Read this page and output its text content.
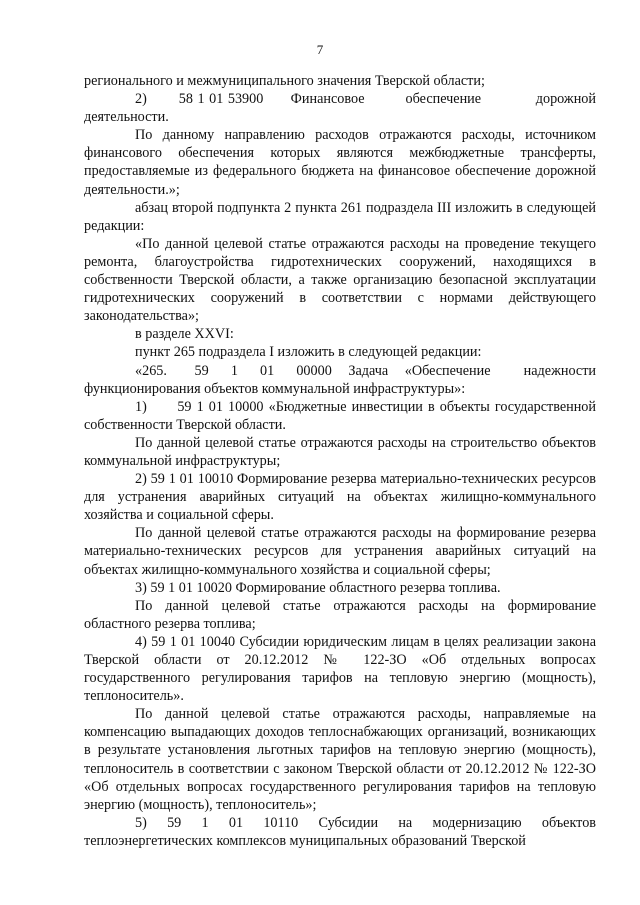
7

регионального и межмуниципального значения Тверской области;

2)       58 1 01 53900      Финансовое         обеспечение            дорожной деятельности.

По данному направлению расходов отражаются расходы, источником финансового обеспечения которых являются межбюджетные трансферты, предоставляемые из федерального бюджета на финансовое обеспечение дорожной деятельности.»;

абзац второй подпункта 2 пункта 261 подраздела III изложить в следующей редакции:

«По данной целевой статье отражаются расходы на проведение текущего ремонта, благоустройства гидротехнических сооружений, находящихся в собственности Тверской области, а также организацию безопасной эксплуатации гидротехнических сооружений в соответствии с нормами действующего законодательства»;

в разделе XXVI:

пункт 265 подраздела I изложить в следующей редакции:

«265.     59    1    01    00000   Задача   «Обеспечение      надежности функционирования объектов коммунальной инфраструктуры»:

1)      59 1 01 10000 «Бюджетные инвестиции в объекты государственной собственности Тверской области.

По данной целевой статье отражаются расходы на строительство объектов коммунальной инфраструктуры;

2) 59 1 01 10010 Формирование резерва материально-технических ресурсов для устранения аварийных ситуаций на объектах жилищно-коммунального хозяйства и социальной сферы.

По данной целевой статье отражаются расходы на формирование резерва материально-технических ресурсов для устранения аварийных ситуаций на объектах жилищно-коммунального хозяйства и социальной сферы;

3) 59 1 01 10020 Формирование областного резерва топлива.

По данной целевой статье отражаются расходы на формирование областного резерва топлива;

4) 59 1 01 10040 Субсидии юридическим лицам в целях реализации закона Тверской области от 20.12.2012 № 122-ЗО «Об отдельных вопросах государственного регулирования тарифов на тепловую энергию (мощность), теплоноситель».

По данной целевой статье отражаются расходы, направляемые на компенсацию выпадающих доходов теплоснабжающих организаций, возникающих в результате установления льготных тарифов на тепловую энергию (мощность), теплоноситель в соответствии с законом Тверской области от 20.12.2012 № 122-ЗО «Об отдельных вопросах государственного регулирования тарифов на тепловую энергию (мощность), теплоноситель»;

5)    59    1    01    10110    Субсидии    на    модернизацию    объектов теплоэнергетических комплексов муниципальных образований Тверской
